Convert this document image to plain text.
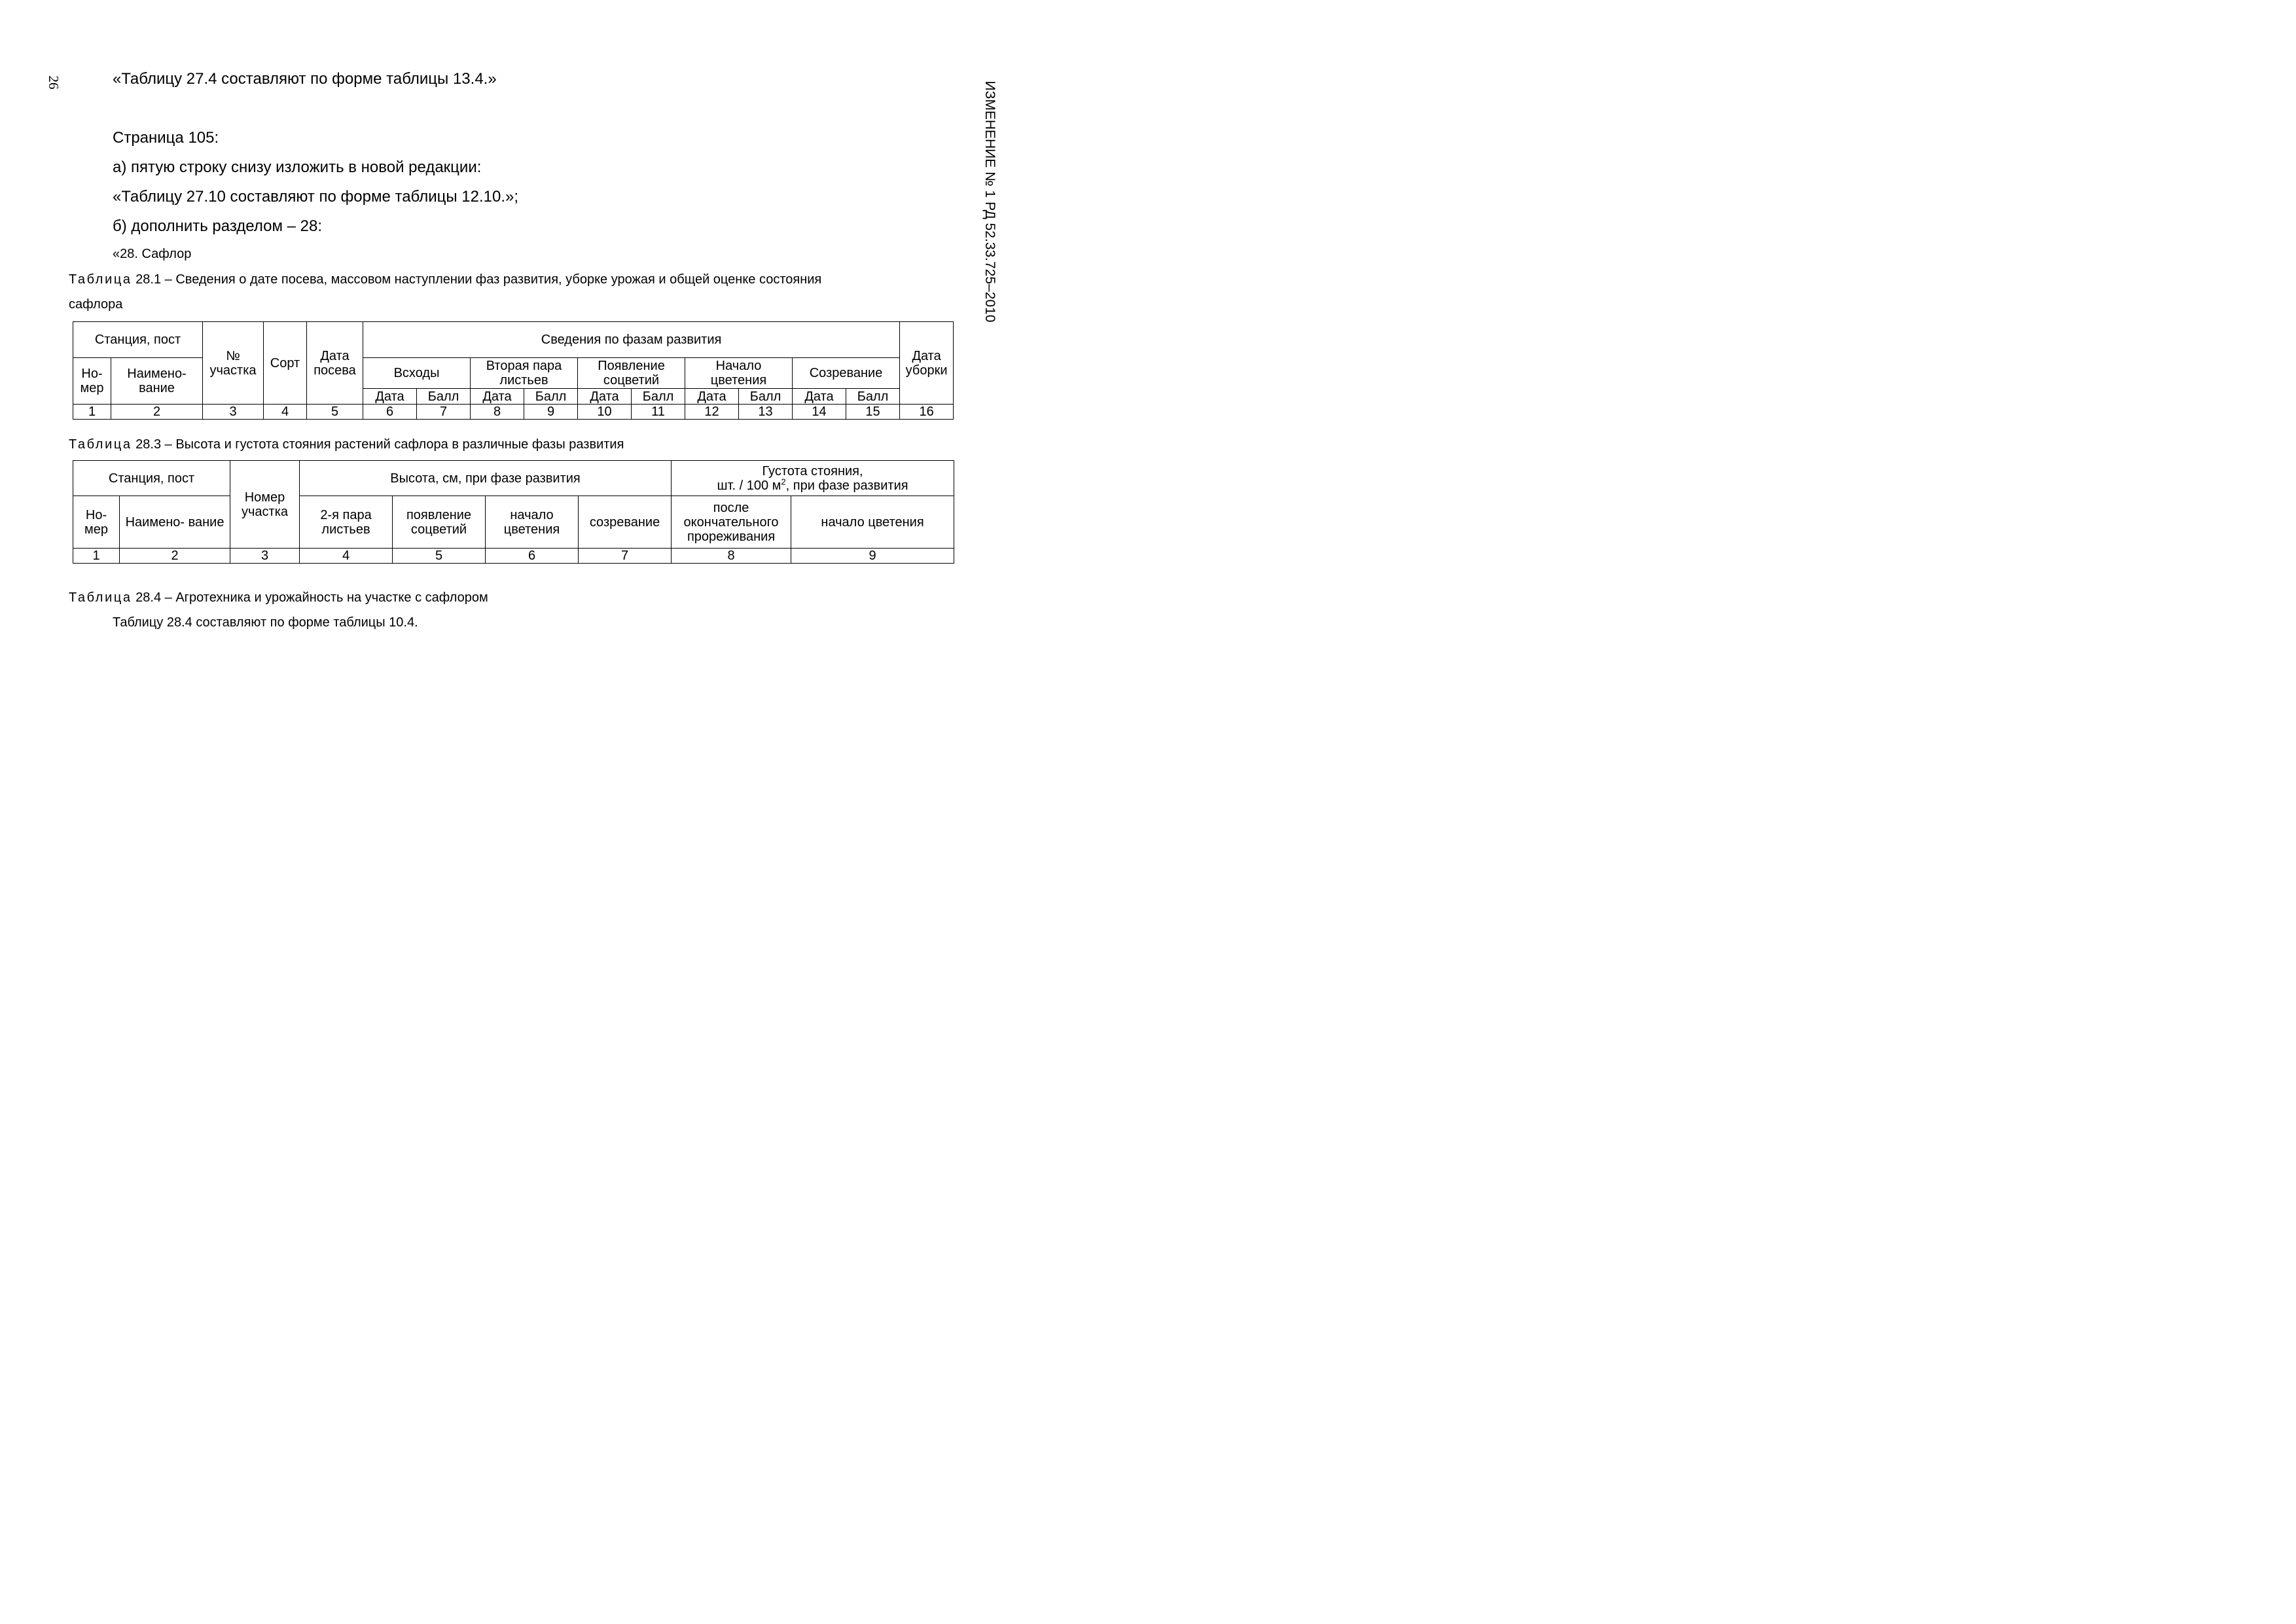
26	ИЗМЕНЕНИЕ № 1 РД 52.33.725–2010
«Таблицу 27.4 составляют по форме таблицы 13.4.»
Страница 105:
а) пятую строку снизу изложить в новой редакции:
«Таблицу 27.10 составляют по форме таблицы 12.10.»;
б) дополнить разделом – 28:
«28. Сафлор
Таблица 28.1 – Сведения о дате посева, массовом наступлении фаз развития, уборке урожая и общей оценке состояния
сафлора
Станция, пост		№ участка	Сорт	Дата посева	Сведения по фазам развития										Дата уборки
Но- мер	Наимено- вание				Всходы		Вторая пара листьев		Появление соцветий		Начало цветения		Созревание		
					Дата	Балл	Дата	Балл	Дата	Балл	Дата	Балл	Дата	Балл	
1	2	3	4	5	6	7	8	9	10	11	12	13	14	15	16
Таблица 28.3 – Высота и густота стояния растений сафлора в различные фазы развития
Станция, пост		Номер участка	Высота, см, при фазе развития				Густота стояния,
шт. / 100 $м^2$, при фазе развития	
Но- мер	Наимено- вание		2-я пара листьев	появление соцветий	начало цветения	созревание	после окончательного прореживания	начало цветения
1	2	3	4	5	6	7	8	9
Таблица 28.4 – Агротехника и урожайность на участке с сафлором
Таблицу 28.4 составляют по форме таблицы 10.4.
